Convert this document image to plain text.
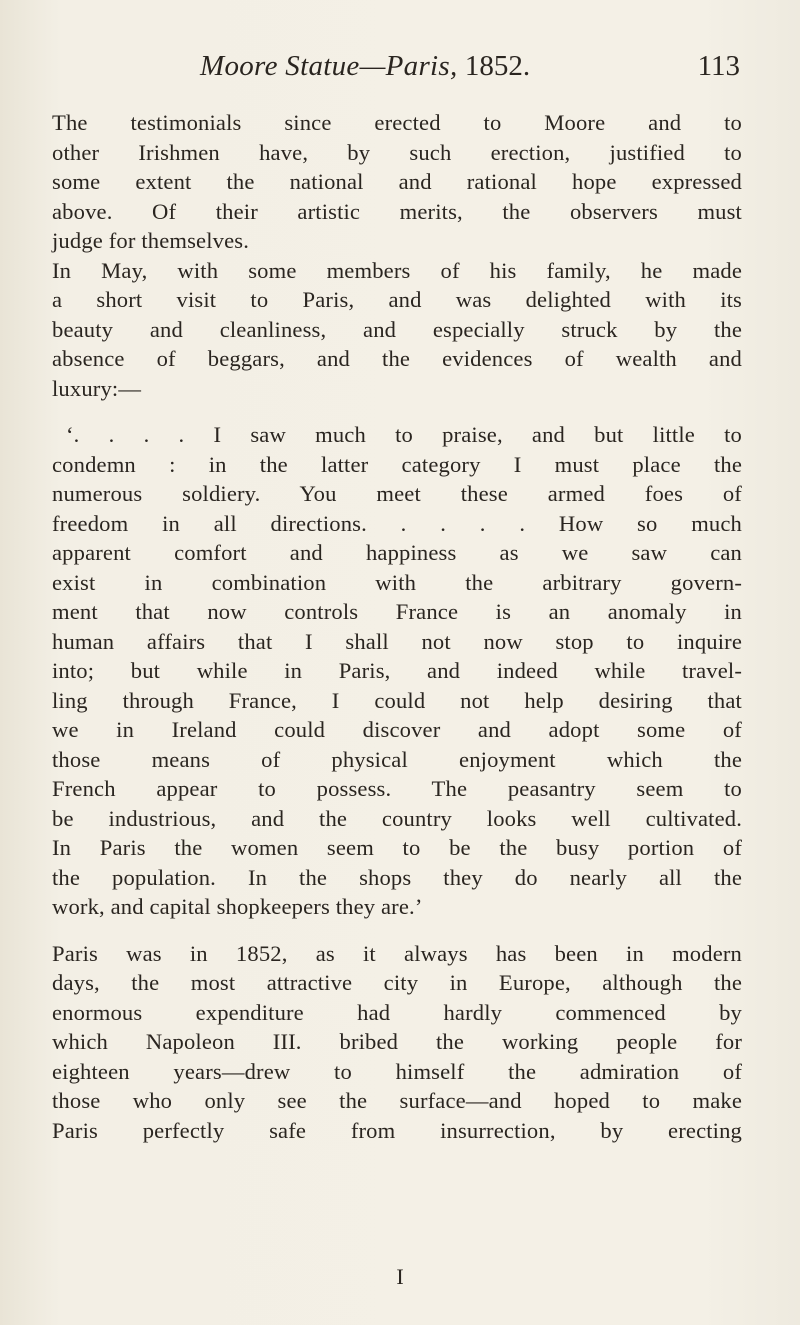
Moore Statue—Paris, 1852.	113
The testimonials since erected to Moore and to
other Irishmen have, by such erection, justified to
some extent the national and rational hope expressed
above. Of their artistic merits, the observers must
judge for themselves.
In May, with some members of his family, he made
a short visit to Paris, and was delighted with its
beauty and cleanliness, and especially struck by the
absence of beggars, and the evidences of wealth and
luxury:—
‘. . . . I saw much to praise, and but little to
condemn : in the latter category I must place the
numerous soldiery. You meet these armed foes of
freedom in all directions. . . . . How so much
apparent comfort and happiness as we saw can
exist in combination with the arbitrary govern-
ment that now controls France is an anomaly in
human affairs that I shall not now stop to inquire
into; but while in Paris, and indeed while travel-
ling through France, I could not help desiring that
we in Ireland could discover and adopt some of
those means of physical enjoyment which the
French appear to possess. The peasantry seem to
be industrious, and the country looks well cultivated.
In Paris the women seem to be the busy portion of
the population. In the shops they do nearly all the
work, and capital shopkeepers they are.’
Paris was in 1852, as it always has been in modern
days, the most attractive city in Europe, although the
enormous expenditure had hardly commenced by
which Napoleon III. bribed the working people for
eighteen years—drew to himself the admiration of
those who only see the surface—and hoped to make
Paris perfectly safe from insurrection, by erecting
I
